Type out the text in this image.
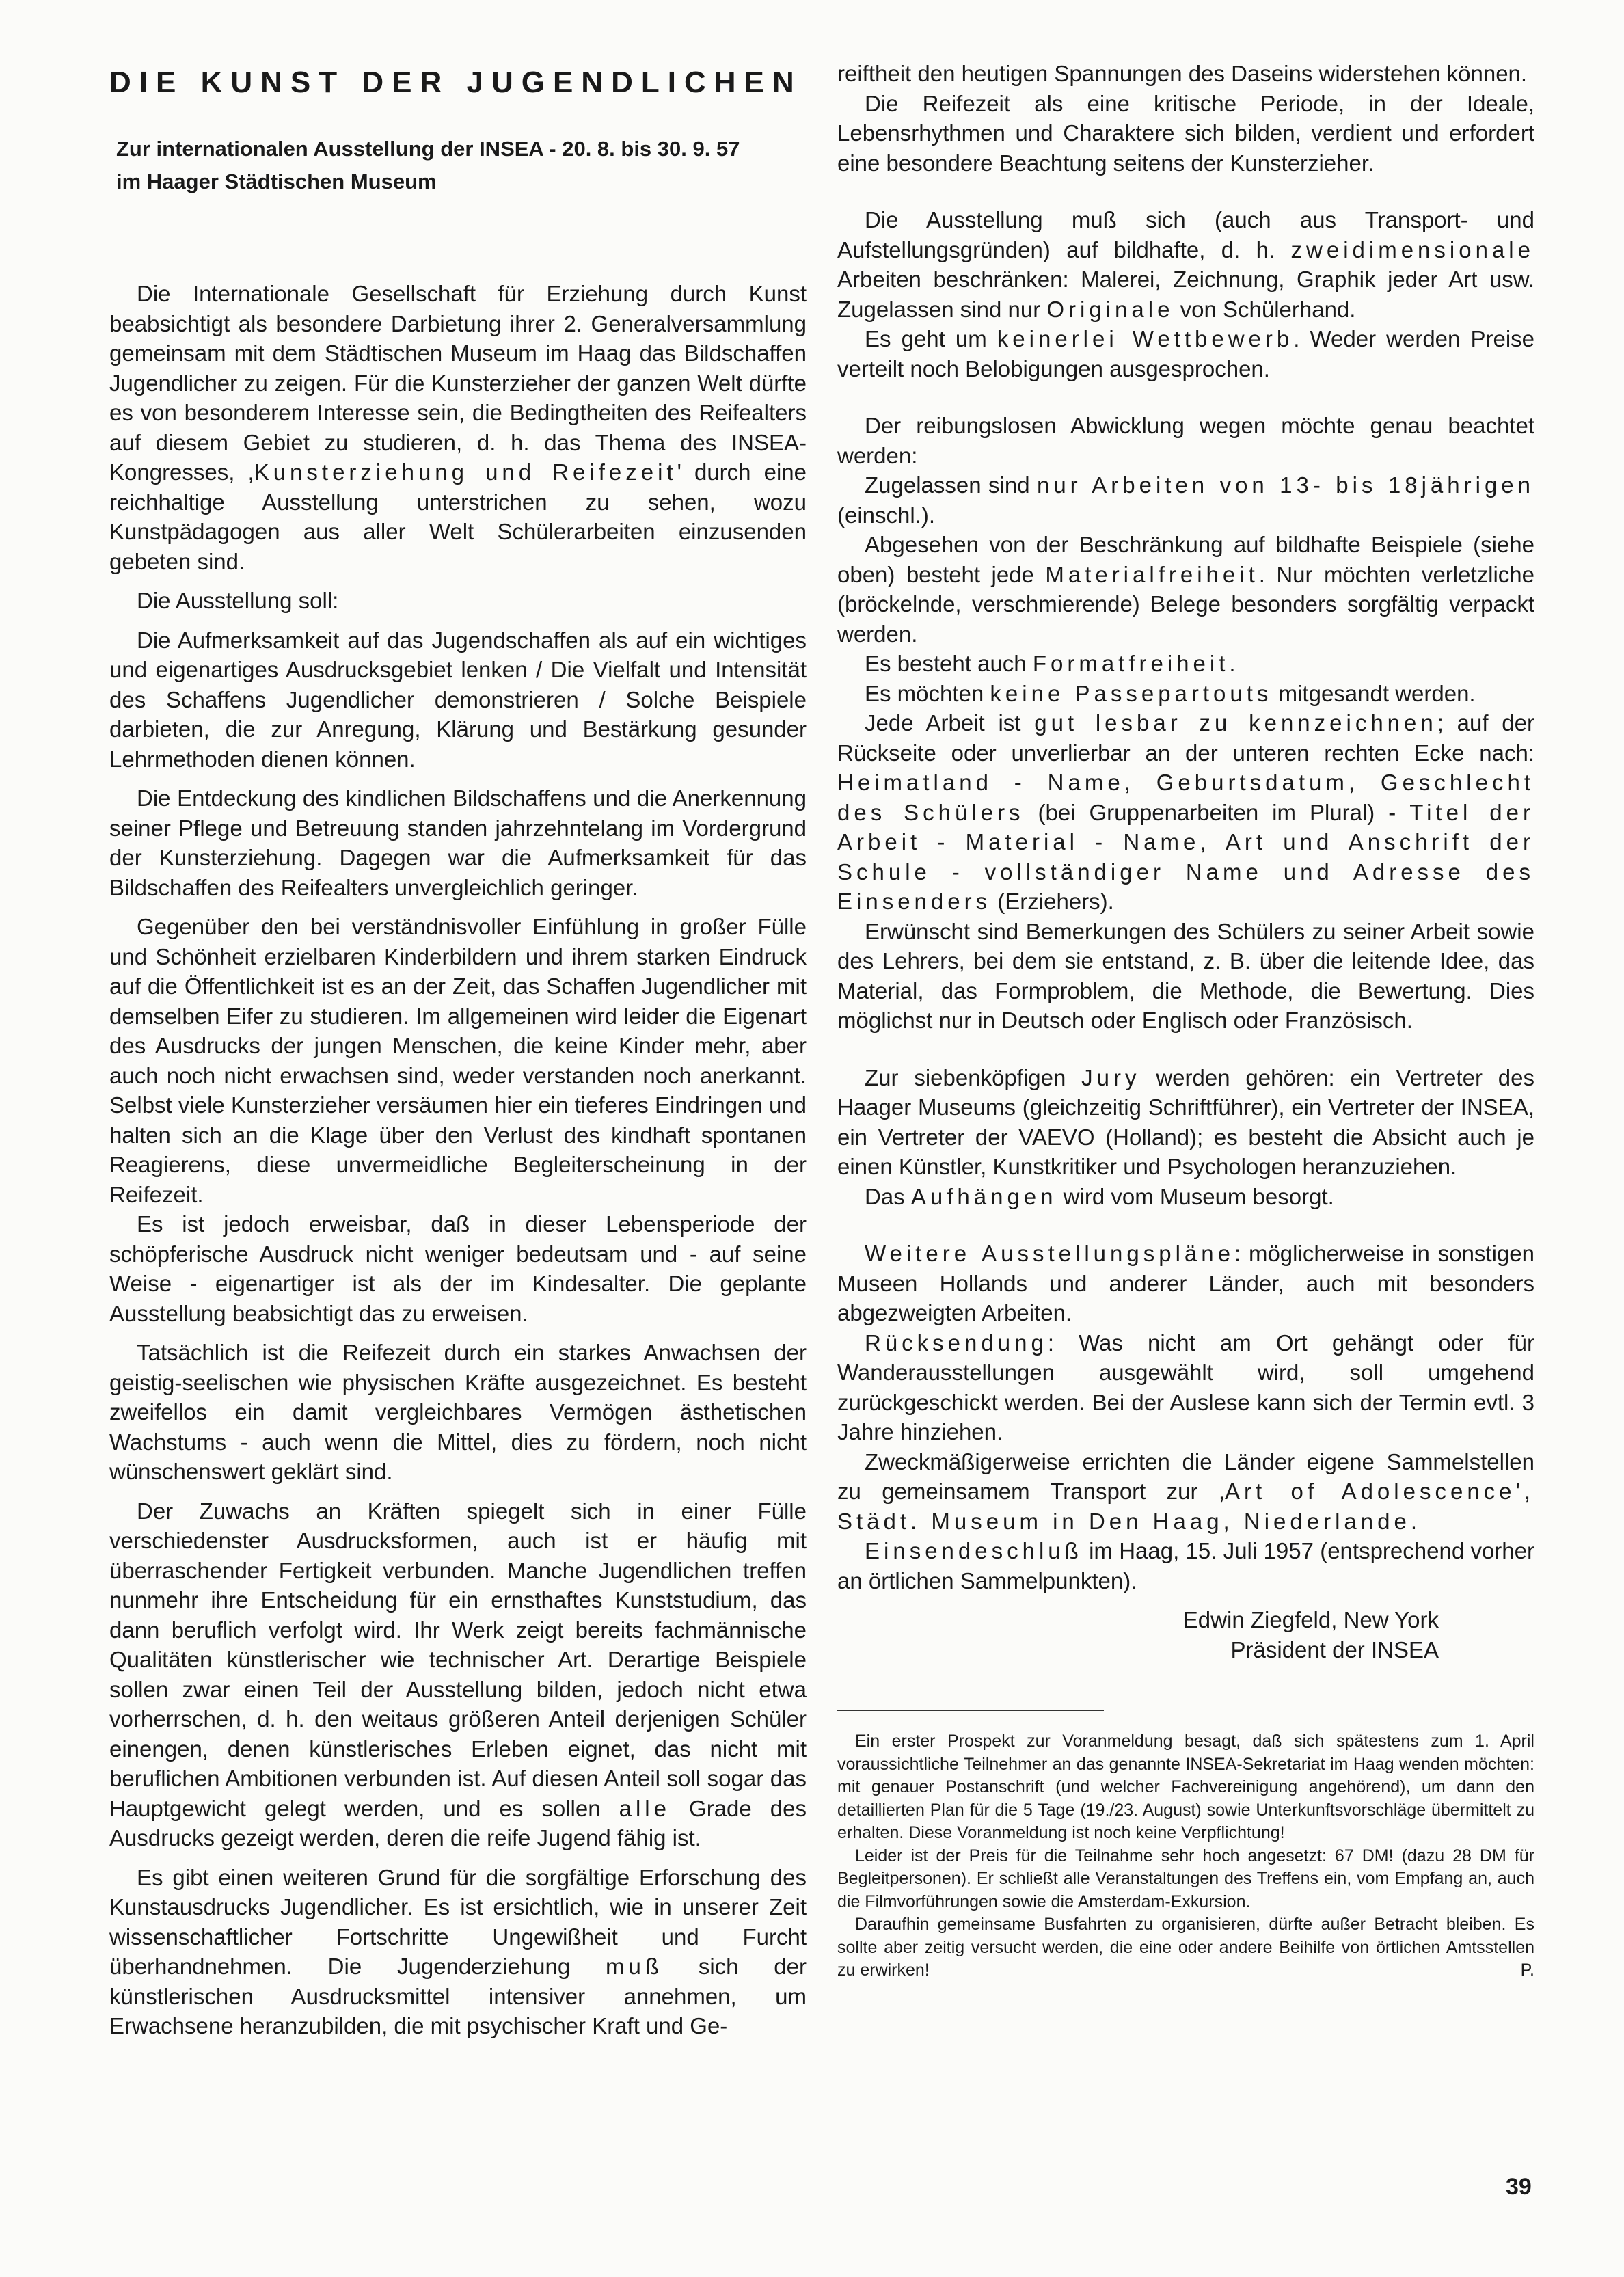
DIE KUNST DER JUGENDLICHEN
Zur internationalen Ausstellung der INSEA - 20. 8. bis 30. 9. 57
im Haager Städtischen Museum

Die Internationale Gesellschaft für Erziehung durch Kunst beabsichtigt als besondere Darbietung ihrer 2. Generalversammlung gemeinsam mit dem Städtischen Museum im Haag das Bildschaffen Jugendlicher zu zeigen. Für die Kunsterzieher der ganzen Welt dürfte es von besonderem Interesse sein, die Bedingtheiten des Reifealters auf diesem Gebiet zu studieren, d. h. das Thema des INSEA-Kongresses, ,Kunsterziehung und Reifezeit' durch eine reichhaltige Ausstellung unterstrichen zu sehen, wozu Kunstpädagogen aus aller Welt Schülerarbeiten einzusenden gebeten sind.

Die Ausstellung soll:

Die Aufmerksamkeit auf das Jugendschaffen als auf ein wichtiges und eigenartiges Ausdrucksgebiet lenken / Die Vielfalt und Intensität des Schaffens Jugendlicher demonstrieren / Solche Beispiele darbieten, die zur Anregung, Klärung und Bestärkung gesunder Lehrmethoden dienen können.

Die Entdeckung des kindlichen Bildschaffens und die Anerkennung seiner Pflege und Betreuung standen jahrzehntelang im Vordergrund der Kunsterziehung. Dagegen war die Aufmerksamkeit für das Bildschaffen des Reifealters unvergleichlich geringer.

Gegenüber den bei verständnisvoller Einfühlung in großer Fülle und Schönheit erzielbaren Kinderbildern und ihrem starken Eindruck auf die Öffentlichkeit ist es an der Zeit, das Schaffen Jugendlicher mit demselben Eifer zu studieren. Im allgemeinen wird leider die Eigenart des Ausdrucks der jungen Menschen, die keine Kinder mehr, aber auch noch nicht erwachsen sind, weder verstanden noch anerkannt. Selbst viele Kunsterzieher versäumen hier ein tieferes Eindringen und halten sich an die Klage über den Verlust des kindhaft spontanen Reagierens, diese unvermeidliche Begleiterscheinung in der Reifezeit.

Es ist jedoch erweisbar, daß in dieser Lebensperiode der schöpferische Ausdruck nicht weniger bedeutsam und - auf seine Weise - eigenartiger ist als der im Kindesalter. Die geplante Ausstellung beabsichtigt das zu erweisen.

Tatsächlich ist die Reifezeit durch ein starkes Anwachsen der geistig-seelischen wie physischen Kräfte ausgezeichnet. Es besteht zweifellos ein damit vergleichbares Vermögen ästhetischen Wachstums - auch wenn die Mittel, dies zu fördern, noch nicht wünschenswert geklärt sind.

Der Zuwachs an Kräften spiegelt sich in einer Fülle verschiedenster Ausdrucksformen, auch ist er häufig mit überraschender Fertigkeit verbunden. Manche Jugendlichen treffen nunmehr ihre Entscheidung für ein ernsthaftes Kunststudium, das dann beruflich verfolgt wird. Ihr Werk zeigt bereits fachmännische Qualitäten künstlerischer wie technischer Art. Derartige Beispiele sollen zwar einen Teil der Ausstellung bilden, jedoch nicht etwa vorherrschen, d. h. den weitaus größeren Anteil derjenigen Schüler einengen, denen künstlerisches Erleben eignet, das nicht mit beruflichen Ambitionen verbunden ist. Auf diesen Anteil soll sogar das Hauptgewicht gelegt werden, und es sollen alle Grade des Ausdrucks gezeigt werden, deren die reife Jugend fähig ist.

Es gibt einen weiteren Grund für die sorgfältige Erforschung des Kunstausdrucks Jugendlicher. Es ist ersichtlich, wie in unserer Zeit wissenschaftlicher Fortschritte Ungewißheit und Furcht überhandnehmen. Die Jugenderziehung muß sich der künstlerischen Ausdrucksmittel intensiver annehmen, um Erwachsene heranzubilden, die mit psychischer Kraft und Ge-

reiftheit den heutigen Spannungen des Daseins widerstehen können.

Die Reifezeit als eine kritische Periode, in der Ideale, Lebensrhythmen und Charaktere sich bilden, verdient und erfordert eine besondere Beachtung seitens der Kunsterzieher.

Die Ausstellung muß sich (auch aus Transport- und Aufstellungsgründen) auf bildhafte, d. h. zweidimensionale Arbeiten beschränken: Malerei, Zeichnung, Graphik jeder Art usw. Zugelassen sind nur Originale von Schülerhand.

Es geht um keinerlei Wettbewerb. Weder werden Preise verteilt noch Belobigungen ausgesprochen.

Der reibungslosen Abwicklung wegen möchte genau beachtet werden:

Zugelassen sind nur Arbeiten von 13- bis 18jährigen (einschl.).

Abgesehen von der Beschränkung auf bildhafte Beispiele (siehe oben) besteht jede Materialfreiheit. Nur möchten verletzliche (bröckelnde, verschmierende) Belege besonders sorgfältig verpackt werden.

Es besteht auch Formatfreiheit.

Es möchten keine Passepartouts mitgesandt werden.

Jede Arbeit ist gut lesbar zu kennzeichnen; auf der Rückseite oder unverlierbar an der unteren rechten Ecke nach: Heimatland - Name, Geburtsdatum, Geschlecht des Schülers (bei Gruppenarbeiten im Plural) - Titel der Arbeit - Material - Name, Art und Anschrift der Schule - vollständiger Name und Adresse des Einsenders (Erziehers).

Erwünscht sind Bemerkungen des Schülers zu seiner Arbeit sowie des Lehrers, bei dem sie entstand, z. B. über die leitende Idee, das Material, das Formproblem, die Methode, die Bewertung. Dies möglichst nur in Deutsch oder Englisch oder Französisch.

Zur siebenköpfigen Jury werden gehören: ein Vertreter des Haager Museums (gleichzeitig Schriftführer), ein Vertreter der INSEA, ein Vertreter der VAEVO (Holland); es besteht die Absicht auch je einen Künstler, Kunstkritiker und Psychologen heranzuziehen.

Das Aufhängen wird vom Museum besorgt.

Weitere Ausstellungspläne: möglicherweise in sonstigen Museen Hollands und anderer Länder, auch mit besonders abgezweigten Arbeiten.

Rücksendung: Was nicht am Ort gehängt oder für Wanderausstellungen ausgewählt wird, soll umgehend zurückgeschickt werden. Bei der Auslese kann sich der Termin evtl. 3 Jahre hinziehen.

Zweckmäßigerweise errichten die Länder eigene Sammelstellen zu gemeinsamem Transport zur ,Art of Adolescence', Städt. Museum in Den Haag, Niederlande.

Einsendeschluß im Haag, 15. Juli 1957 (entsprechend vorher an örtlichen Sammelpunkten).

Edwin Ziegfeld, New York
Präsident der INSEA

Ein erster Prospekt zur Voranmeldung besagt, daß sich spätestens zum 1. April voraussichtliche Teilnehmer an das genannte INSEA-Sekretariat im Haag wenden möchten: mit genauer Postanschrift (und welcher Fachvereinigung angehörend), um dann den detaillierten Plan für die 5 Tage (19./23. August) sowie Unterkunftsvorschläge übermittelt zu erhalten. Diese Voranmeldung ist noch keine Verpflichtung!

Leider ist der Preis für die Teilnahme sehr hoch angesetzt: 67 DM! (dazu 28 DM für Begleitpersonen). Er schließt alle Veranstaltungen des Treffens ein, vom Empfang an, auch die Filmvorführungen sowie die Amsterdam-Exkursion.

Daraufhin gemeinsame Busfahrten zu organisieren, dürfte außer Betracht bleiben. Es sollte aber zeitig versucht werden, die eine oder andere Beihilfe von örtlichen Amtsstellen zu erwirken!	P.

39
